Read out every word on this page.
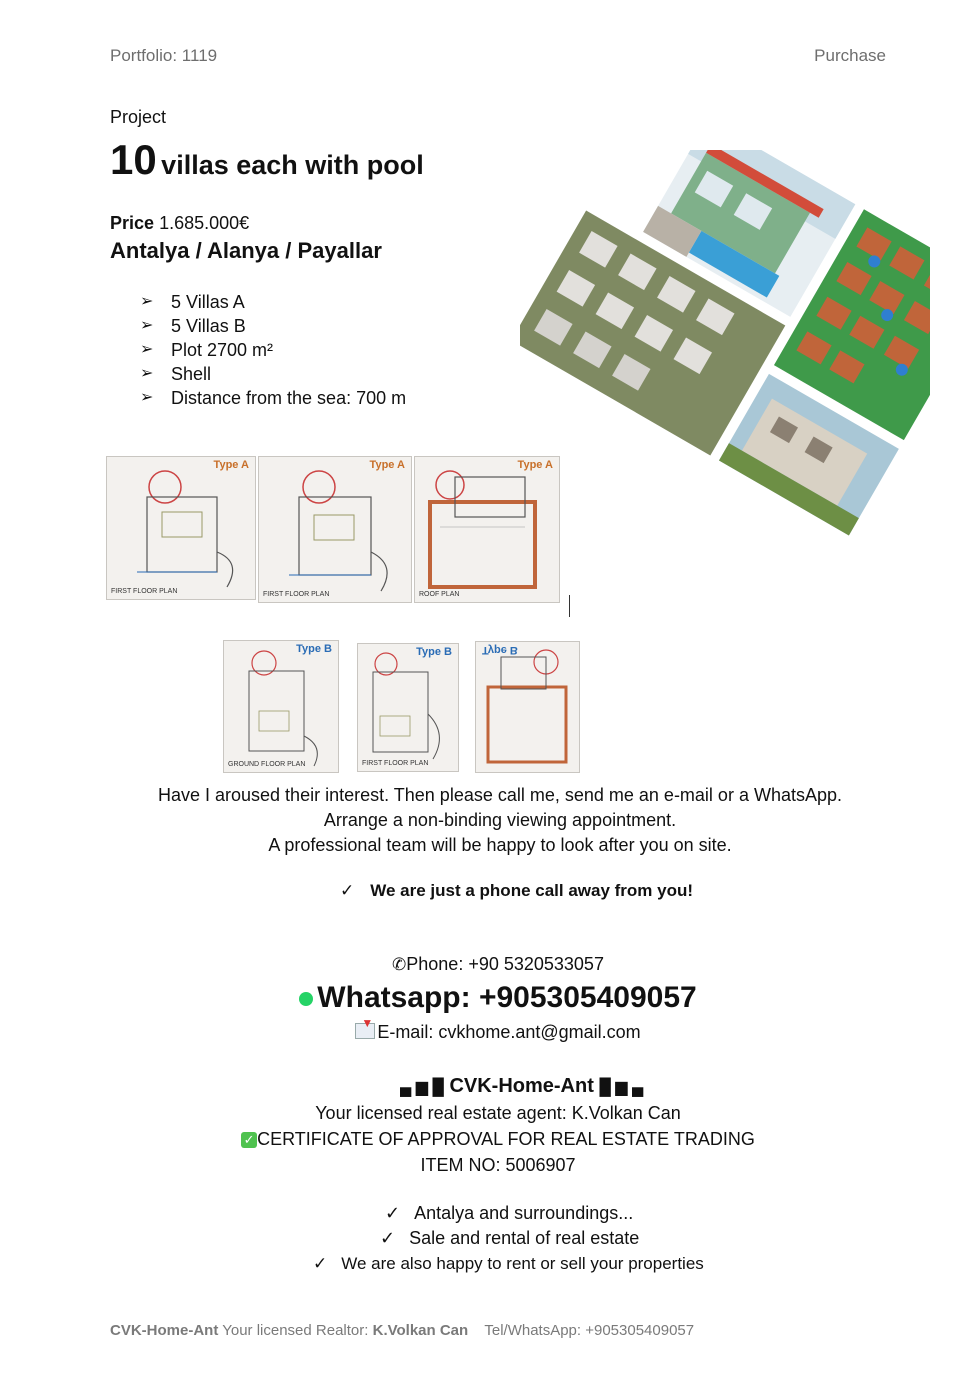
Portfolio: 1119	Purchase
Project
10 villas each with pool
Price 1.685.000€
Antalya / Alanya / Payallar
➢ 5 Villas A
➢ 5 Villas B
➢ Plot 2700 m²
➢ Shell
➢ Distance from the sea: 700 m
Type A
FIRST FLOOR PLAN
Type A
FIRST FLOOR PLAN
Type A
ROOF PLAN
Type B
GROUND FLOOR PLAN
Type B
FIRST FLOOR PLAN
Type B
Have I aroused their interest. Then please call me, send me an e-mail or a WhatsApp.
Arrange a non-binding viewing appointment.
A professional team will be happy to look after you on site.
✓ We are just a phone call away from you!
✆Phone: +90 5320533057
Whatsapp: +905305409057
▼ E-mail: cvkhome.ant@gmail.com
▄ ▆ █ CVK-Home-Ant █ ▆ ▄
Your licensed real estate agent: K.Volkan Can
✓ CERTIFICATE OF APPROVAL FOR REAL ESTATE TRADING
ITEM NO: 5006907
✓ Antalya and surroundings...
✓ Sale and rental of real estate
✓ We are also happy to rent or sell your properties
CVK-Home-Ant Your licensed Realtor: K.Volkan Can Tel/WhatsApp: +905305409057
